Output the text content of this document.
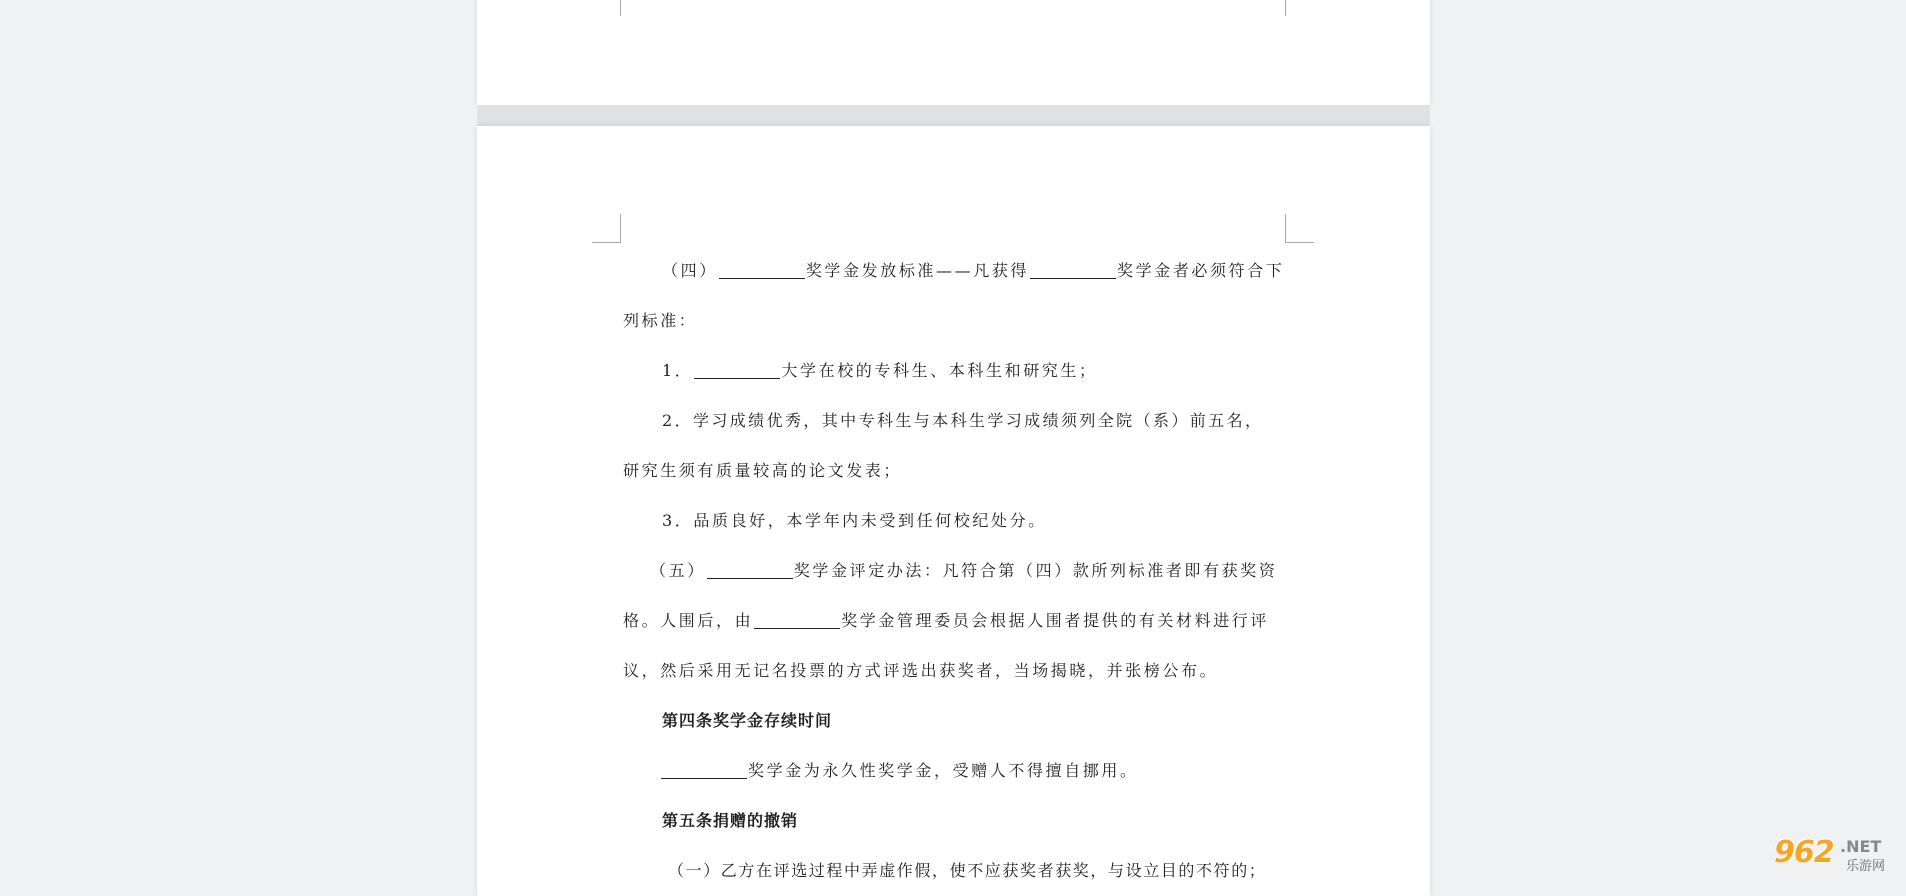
（四）	奖学金发放标准——凡获得	奖学金者必须符合下
列标准：
1．	大学在校的专科生、本科生和研究生；
2．学习成绩优秀，其中专科生与本科生学习成绩须列全院（系）前五名，
研究生须有质量较高的论文发表；
3．品质良好，本学年内未受到任何校纪处分。
（五）	奖学金评定办法：凡符合第（四）款所列标准者即有获奖资
格。人围后，由	奖学金管理委员会根据人围者提供的有关材料进行评
议，然后采用无记名投票的方式评选出获奖者，当场揭晓，并张榜公布。
第四条奖学金存续时间
奖学金为永久性奖学金，受赠人不得擅自挪用。
第五条捐赠的撤销
（一）乙方在评选过程中弄虚作假，使不应获奖者获奖，与设立目的不符的；
962 .NET
乐游网
